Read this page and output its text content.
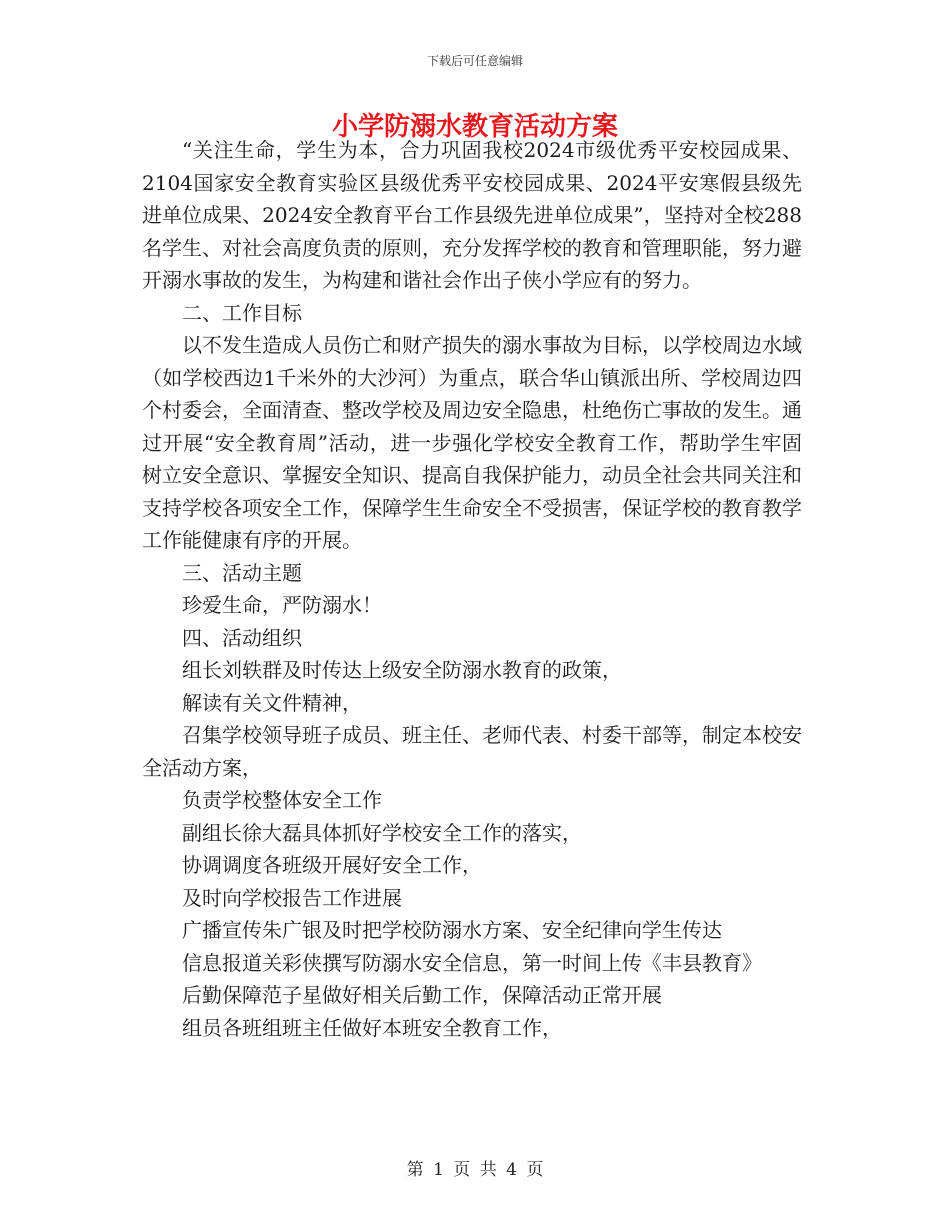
下载后可任意编辑
小学防溺水教育活动方案

“关注生命，学生为本，合力巩固我校2024市级优秀平安校园成果、2104国家安全教育实验区县级优秀平安校园成果、2024平安寒假县级先进单位成果、2024安全教育平台工作县级先进单位成果”，坚持对全校288名学生、对社会高度负责的原则，充分发挥学校的教育和管理职能，努力避开溺水事故的发生，为构建和谐社会作出子侠小学应有的努力。

二、工作目标

以不发生造成人员伤亡和财产损失的溺水事故为目标，以学校周边水域（如学校西边1千米外的大沙河）为重点，联合华山镇派出所、学校周边四个村委会，全面清查、整改学校及周边安全隐患，杜绝伤亡事故的发生。通过开展“安全教育周”活动，进一步强化学校安全教育工作，帮助学生牢固树立安全意识、掌握安全知识、提高自我保护能力，动员全社会共同关注和支持学校各项安全工作，保障学生生命安全不受损害，保证学校的教育教学工作能健康有序的开展。

三、活动主题

珍爱生命，严防溺水！

四、活动组织

组长刘轶群及时传达上级安全防溺水教育的政策，

解读有关文件精神，

召集学校领导班子成员、班主任、老师代表、村委干部等，制定本校安全活动方案，

负责学校整体安全工作

副组长徐大磊具体抓好学校安全工作的落实，

协调调度各班级开展好安全工作，

及时向学校报告工作进展

广播宣传朱广银及时把学校防溺水方案、安全纪律向学生传达

信息报道关彩侠撰写防溺水安全信息，第一时间上传《丰县教育》

后勤保障范子星做好相关后勤工作，保障活动正常开展

组员各班组班主任做好本班安全教育工作，

第 1 页 共 4 页
